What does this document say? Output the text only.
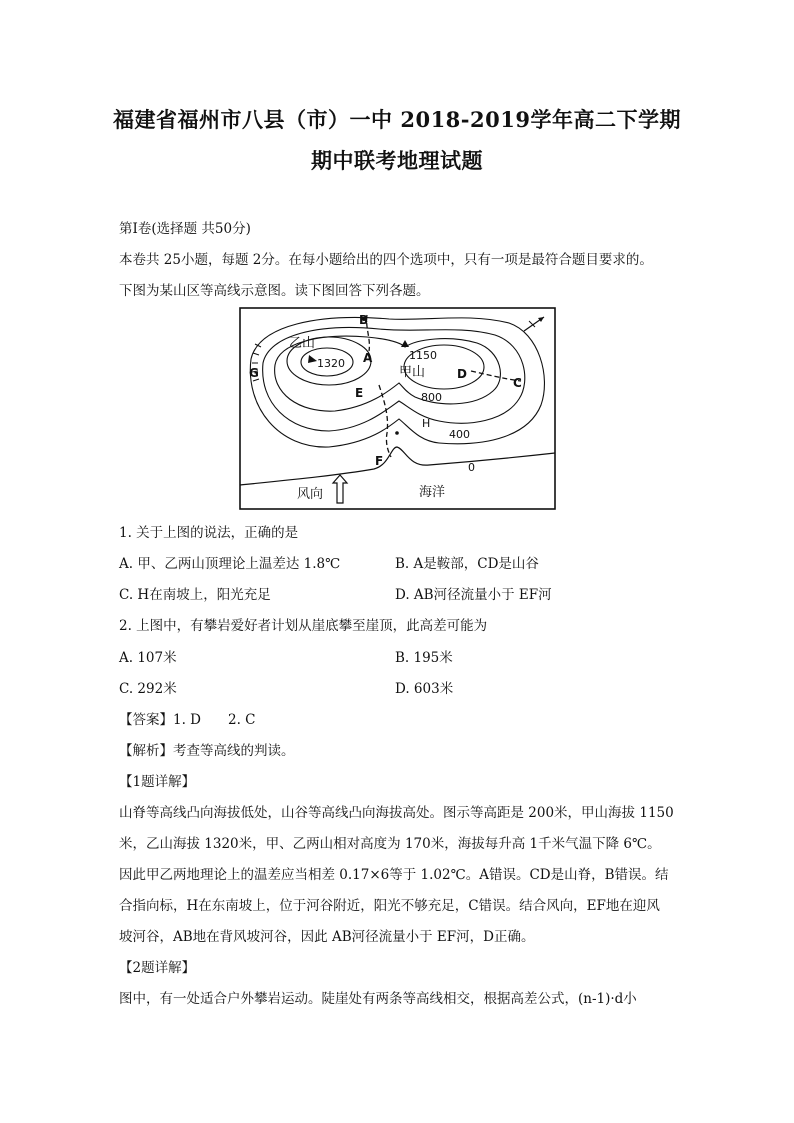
福建省福州市八县（市）一中 2018-2019学年高二下学期
期中联考地理试题
第Ⅰ卷(选择题 共50分)
本卷共 25小题，每题 2分。在每小题给出的四个选项中，只有一项是最符合题目要求的。
下图为某山区等高线示意图。读下图回答下列各题。
B
乙山
1320 A	1150
甲山	D
C
G
E	800
H
400
F	0
风向	海洋
1. 关于上图的说法，正确的是
A. 甲、乙两山顶理论上温差达 1.8℃	B. A是鞍部，CD是山谷
C. H在南坡上，阳光充足	D. AB河径流量小于 EF河
2. 上图中，有攀岩爱好者计划从崖底攀至崖顶，此高差可能为
A. 107米	B. 195米
C. 292米	D. 603米
【答案】1. D　　2. C
【解析】考查等高线的判读。
【1题详解】
山脊等高线凸向海拔低处，山谷等高线凸向海拔高处。图示等高距是 200米，甲山海拔 1150
米，乙山海拔 1320米，甲、乙两山相对高度为 170米，海拔每升高 1千米气温下降 6℃。
因此甲乙两地理论上的温差应当相差 0.17×6等于 1.02℃。A错误。CD是山脊，B错误。结
合指向标，H在东南坡上，位于河谷附近，阳光不够充足，C错误。结合风向，EF地在迎风
坡河谷，AB地在背风坡河谷，因此 AB河径流量小于 EF河，D正确。
【2题详解】
图中，有一处适合户外攀岩运动。陡崖处有两条等高线相交，根据高差公式，(n-1)·d小
